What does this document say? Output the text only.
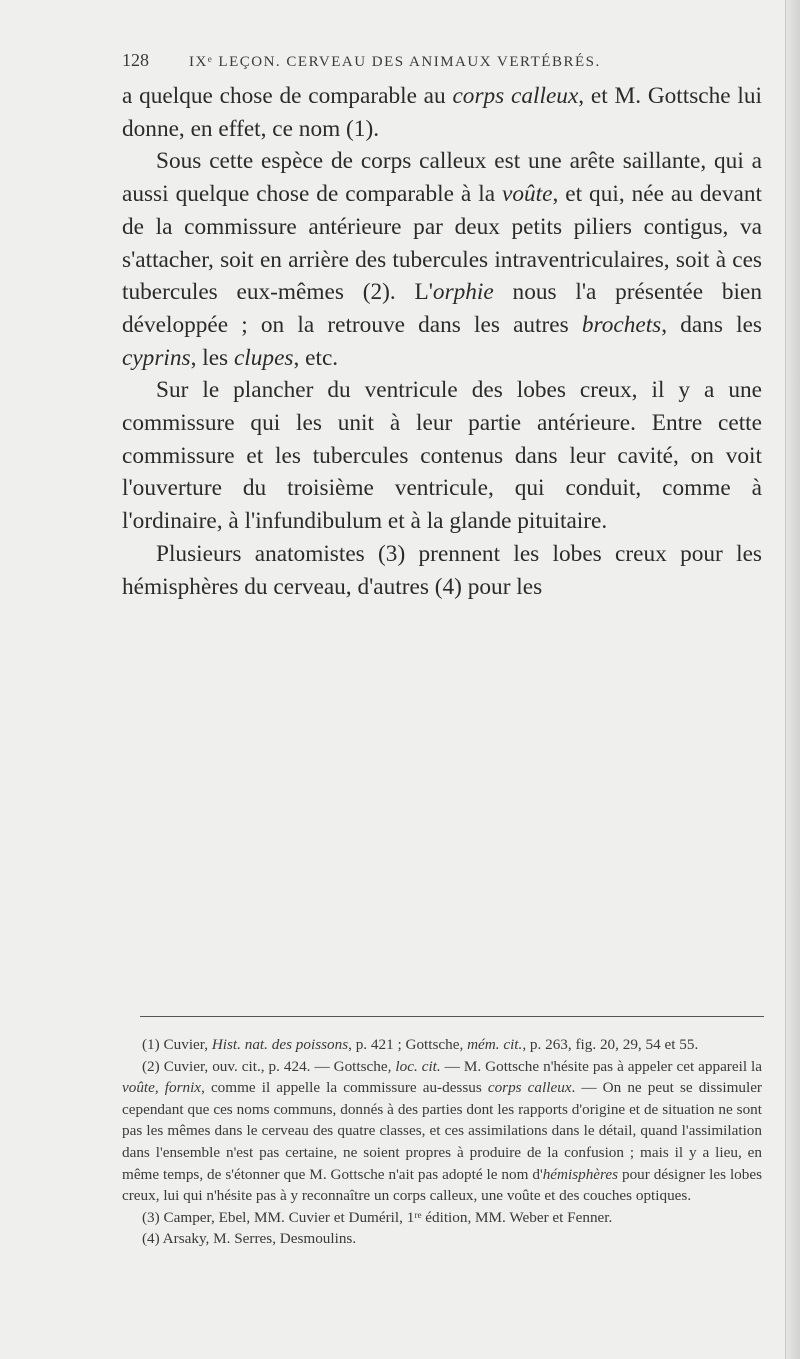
128	IXᵉ LEÇON. CERVEAU DES ANIMAUX VERTÉBRÉS.

a quelque chose de comparable au corps calleux, et M. Gottsche lui donne, en effet, ce nom (1).

Sous cette espèce de corps calleux est une arête saillante, qui a aussi quelque chose de comparable à la voûte, et qui, née au devant de la commissure antérieure par deux petits piliers contigus, va s'attacher, soit en arrière des tubercules intraventriculaires, soit à ces tubercules eux-mêmes (2). L'orphie nous l'a présentée bien développée ; on la retrouve dans les autres brochets, dans les cyprins, les clupes, etc.

Sur le plancher du ventricule des lobes creux, il y a une commissure qui les unit à leur partie antérieure. Entre cette commissure et les tubercules contenus dans leur cavité, on voit l'ouverture du troisième ventricule, qui conduit, comme à l'ordinaire, à l'infundibulum et à la glande pituitaire.

Plusieurs anatomistes (3) prennent les lobes creux pour les hémisphères du cerveau, d'autres (4) pour les

(1) Cuvier, Hist. nat. des poissons, p. 421 ; Gottsche, mém. cit., p. 263, fig. 20, 29, 54 et 55.

(2) Cuvier, ouv. cit., p. 424. — Gottsche, loc. cit. — M. Gottsche n'hésite pas à appeler cet appareil la voûte, fornix, comme il appelle la commissure au-dessus corps calleux. — On ne peut se dissimuler cependant que ces noms communs, donnés à des parties dont les rapports d'origine et de situation ne sont pas les mêmes dans le cerveau des quatre classes, et ces assimilations dans le détail, quand l'assimilation dans l'ensemble n'est pas certaine, ne soient propres à produire de la confusion ; mais il y a lieu, en même temps, de s'étonner que M. Gottsche n'ait pas adopté le nom d'hémisphères pour désigner les lobes creux, lui qui n'hésite pas à y reconnaître un corps calleux, une voûte et des couches optiques.

(3) Camper, Ebel, MM. Cuvier et Duméril, 1ʳᵉ édition, MM. Weber et Fenner.

(4) Arsaky, M. Serres, Desmoulins.
